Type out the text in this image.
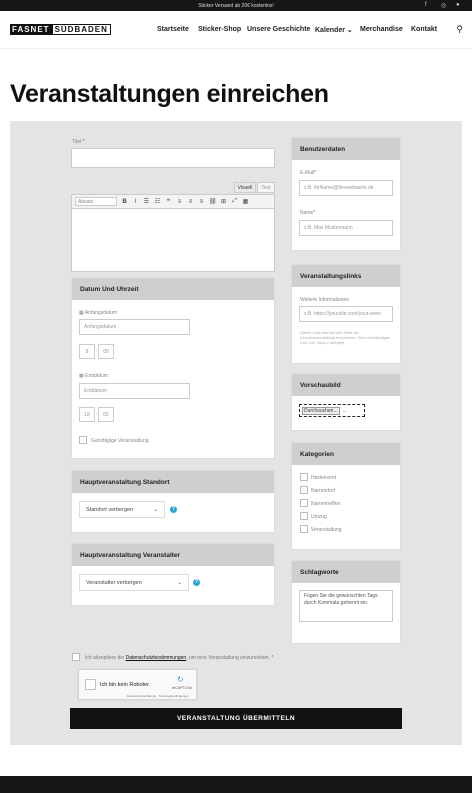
Sticker Versand ab 20€ kostenlos!	f ◎ ●
FASNET SÜDBADEN	Startseite Sticker-Shop Unsere Geschichte Kalender ⌄ Merchandise Kontakt ⚲
Veranstaltungen einreichen
Titel *
Visuell	Text
Absatz	B	I	☰ ☷	❝	≡ ≡ ≡ ⛓ ⊞ ⤢ ▦
Datum Und Uhrzeit
▦ Anfangsdatum
Anfangsdatum
8	:	00
▦ Enddatum
Enddatum
18	:	00
Ganztägige Veranstaltung
Hauptveranstaltung Standort
Standort verbergen	⌄	?
Hauptveranstaltung Veranstalter
Veranstalter verbergen	⌄	?
Benutzerdaten
E-Mail*
z.B. IhrName@Ihrewebseite.de
Name*
z.B. Max Mustermann
Veranstaltungslinks
Weitere Informationen
z.B. https://yoursite.com/your-even
Dieser Link wird auf der Seite der Einzelveranstaltung erscheinen. Eine vollständigen Link inkl. https:// anfügen
Vorschaubild
Durchsuchen...	...
Kategorien
Häsleevent
Narrendorf
Narrentreffen
Umzug
Veranstaltung
Schlagworte
Fügen Sie die gewünschten Tags durch Kommata getrennt ein.
Ich akzeptiere die Datenschutzbestimmungen, um eine Veranstaltung einzureichen. *
Ich bin kein Roboter.
↻
reCAPTCHA
Datenschutzerklärung · Nutzungsbedingungen
VERANSTALTUNG ÜBERMITTELN
